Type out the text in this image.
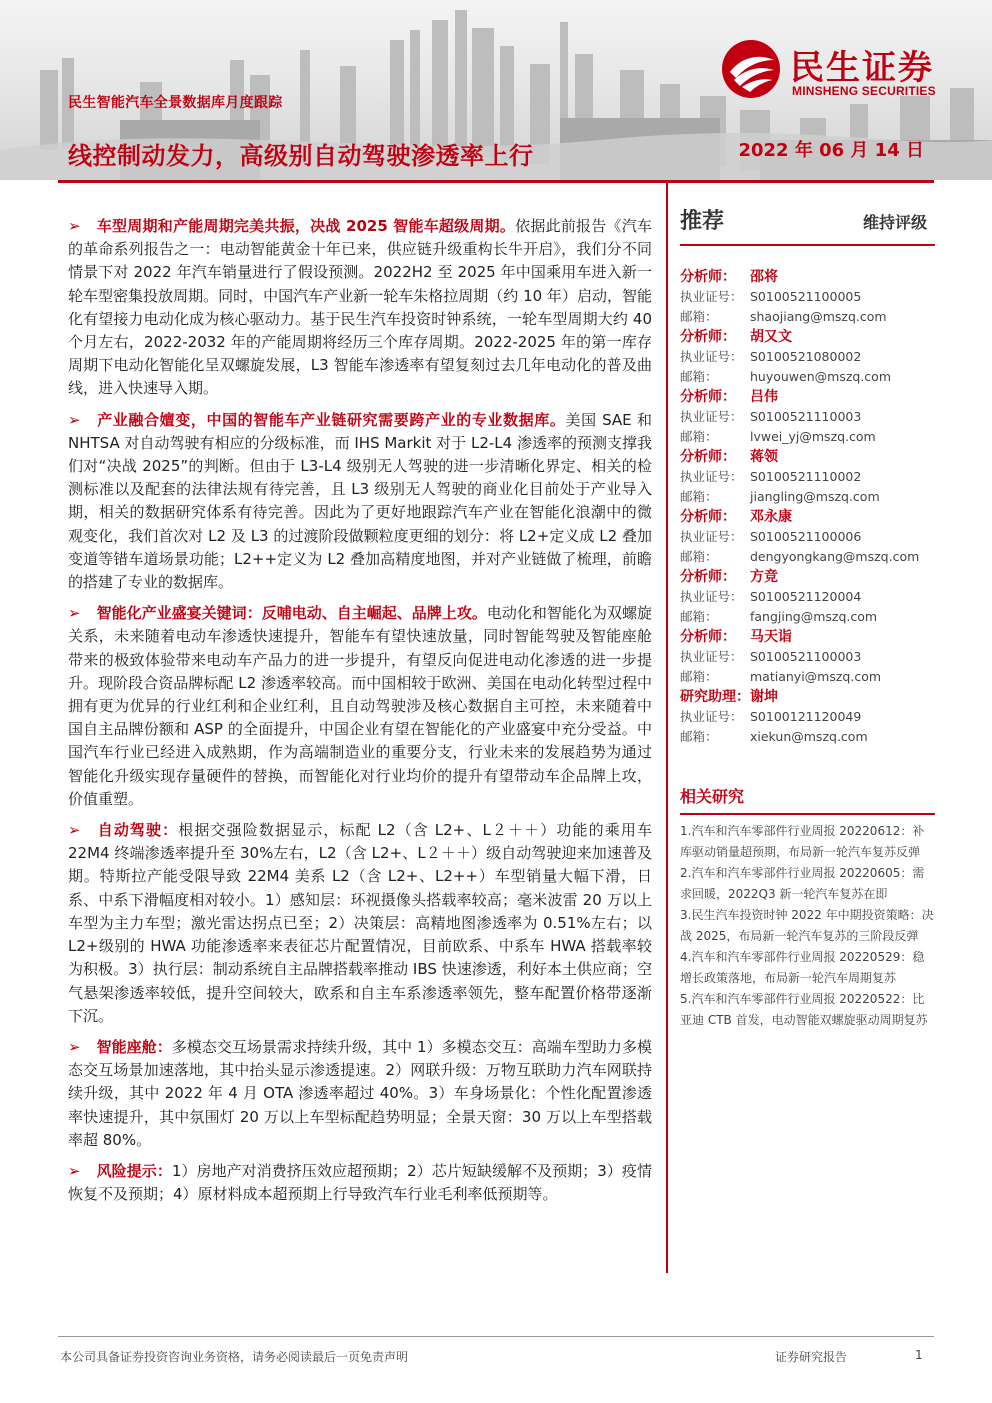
民生证券
MINSHENG SECURITIES
民生智能汽车全景数据库月度跟踪
线控制动发力，高级别自动驾驶渗透率上行	2022 年 06 月 14 日

➢ 车型周期和产能周期完美共振，决战 2025 智能车超级周期。依据此前报告《汽车的革命系列报告之一：电动智能黄金十年已来，供应链升级重构长牛开启》，我们分不同情景下对 2022 年汽车销量进行了假设预测。2022H2 至 2025 年中国乘用车进入新一轮车型密集投放周期。同时，中国汽车产业新一轮车朱格拉周期（约 10 年）启动，智能化有望接力电动化成为核心驱动力。基于民生汽车投资时钟系统，一轮车型周期大约 40 个月左右，2022-2032 年的产能周期将经历三个库存周期。2022-2025 年的第一库存周期下电动化智能化呈双螺旋发展，L3 智能车渗透率有望复刻过去几年电动化的普及曲线，进入快速导入期。

➢ 产业融合嬗变，中国的智能车产业链研究需要跨产业的专业数据库。美国 SAE 和 NHTSA 对自动驾驶有相应的分级标准，而 IHS Markit 对于 L2-L4 渗透率的预测支撑我们对“决战 2025”的判断。但由于 L3-L4 级别无人驾驶的进一步清晰化界定、相关的检测标准以及配套的法律法规有待完善，且 L3 级别无人驾驶的商业化目前处于产业导入期，相关的数据研究体系有待完善。因此为了更好地跟踪汽车产业在智能化浪潮中的微观变化，我们首次对 L2 及 L3 的过渡阶段做颗粒度更细的划分：将 L2+定义成 L2 叠加变道等错车道场景功能；L2++定义为 L2 叠加高精度地图，并对产业链做了梳理，前瞻的搭建了专业的数据库。

➢ 智能化产业盛宴关键词：反哺电动、自主崛起、品牌上攻。电动化和智能化为双螺旋关系，未来随着电动车渗透快速提升，智能车有望快速放量，同时智能驾驶及智能座舱带来的极致体验带来电动车产品力的进一步提升，有望反向促进电动化渗透的进一步提升。现阶段合资品牌标配 L2 渗透率较高。而中国相较于欧洲、美国在电动化转型过程中拥有更为优异的行业红利和企业红利，且自动驾驶涉及核心数据自主可控，未来随着中国自主品牌份额和 ASP 的全面提升，中国企业有望在智能化的产业盛宴中充分受益。中国汽车行业已经进入成熟期，作为高端制造业的重要分支，行业未来的发展趋势为通过智能化升级实现存量硬件的替换，而智能化对行业均价的提升有望带动车企品牌上攻，价值重塑。

➢ 自动驾驶：根据交强险数据显示，标配 L2（含 L2+、L２＋＋）功能的乘用车 22M4 终端渗透率提升至 30%左右，L2（含 L2+、L２＋＋）级自动驾驶迎来加速普及期。特斯拉产能受限导致 22M4 美系 L2（含 L2+、L2++）车型销量大幅下滑，日系、中系下滑幅度相对较小。1）感知层：环视摄像头搭载率较高；毫米波雷 20 万以上车型为主力车型；激光雷达拐点已至；2）决策层：高精地图渗透率为 0.51%左右；以 L2+级别的 HWA 功能渗透率来表征芯片配置情况，目前欧系、中系车 HWA 搭载率较为积极。3）执行层：制动系统自主品牌搭载率推动 IBS 快速渗透，利好本土供应商；空气悬架渗透率较低，提升空间较大，欧系和自主车系渗透率领先，整车配置价格带逐渐下沉。

➢ 智能座舱：多模态交互场景需求持续升级，其中 1）多模态交互：高端车型助力多模态交互场景加速落地，其中抬头显示渗透提速。2）网联升级：万物互联助力汽车网联持续升级，其中 2022 年 4 月 OTA 渗透率超过 40%。3）车身场景化：个性化配置渗透率快速提升，其中氛围灯 20 万以上车型标配趋势明显；全景天窗：30 万以上车型搭载率超 80%。

➢ 风险提示：1）房地产对消费挤压效应超预期；2）芯片短缺缓解不及预期；3）疫情恢复不及预期；4）原材料成本超预期上行导致汽车行业毛利率低预期等。

推荐	维持评级
分析师：	邵将
执业证号： S0100521100005
邮箱：	shaojiang@mszq.com
分析师：	胡又文
执业证号： S0100521080002
邮箱：	huyouwen@mszq.com
分析师：	吕伟
执业证号： S0100521110003
邮箱：	lvwei_yj@mszq.com
分析师：	蒋领
执业证号： S0100521110002
邮箱：	jiangling@mszq.com
分析师：	邓永康
执业证号： S0100521100006
邮箱：	dengyongkang@mszq.com
分析师：	方竞
执业证号： S0100521120004
邮箱：	fangjing@mszq.com
分析师：	马天诣
执业证号： S0100521100003
邮箱：	matianyi@mszq.com
研究助理： 谢坤
执业证号： S0100121120049
邮箱：	xiekun@mszq.com
相关研究
1.汽车和汽车零部件行业周报 20220612：补库驱动销量超预期，布局新一轮汽车复苏反弹
2.汽车和汽车零部件行业周报 20220605：需求回暖，2022Q3 新一轮汽车复苏在即
3.民生汽车投资时钟 2022 年中期投资策略：决战 2025，布局新一轮汽车复苏的三阶段反弹
4.汽车和汽车零部件行业周报 20220529：稳增长政策落地，布局新一轮汽车周期复苏
5.汽车和汽车零部件行业周报 20220522：比亚迪 CTB 首发，电动智能双螺旋驱动周期复苏
本公司具备证券投资咨询业务资格，请务必阅读最后一页免责声明	证券研究报告	1
